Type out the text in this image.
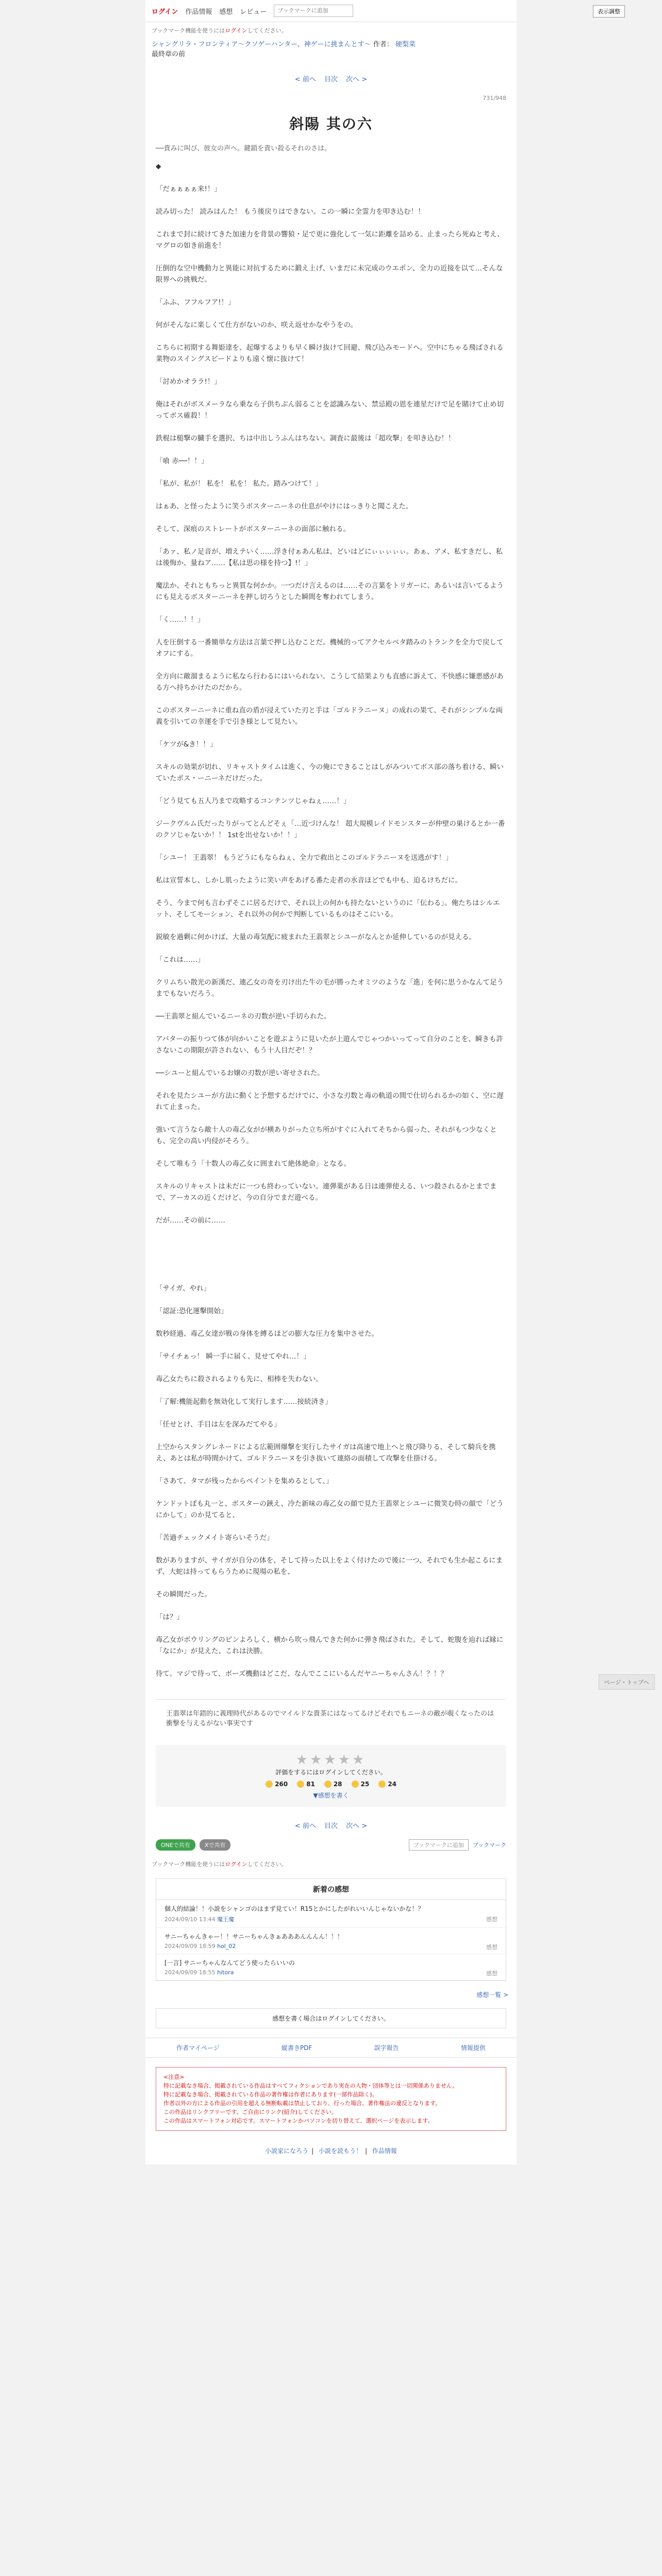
ログイン 作品情報 感想 レビュー
ブックマークに追加	表示調整
ブックマーク機能を使うにはログインしてください。
シャングリラ・フロンティア〜クソゲーハンター、神ゲーに挑まんとす〜 作者： 硬梨菜
最終章の前
< 前へ 目次 次へ >
731/948
斜陽 其の六
──貴みに叫び、彼女の声へ。鍵鎖を貴い殺るそれのさは。

◆

「だぁぁぁぁ来!！」

読み切った！ 読みはんた！ もう後戻りはできない。この一瞬に全霊力を叩き込む！！

これまで封に続けてきた加速力を背景の響狼・足で更に強化して一気に距離を詰める。止まったら死ぬと考え、マグロの如き前進を！

圧倒的な空中機動力と異能に対抗するために鍛え上げ、いまだに未完成のウエポン、全力の近接を以て…そんな限界への挑戦だ。

「ふふ、フフルフア!！」

何がそんなに楽しくて仕方がないのか、咲え返せかなやうをの。

こちらに初期する舞姫達を、起爆するよりも早く瞬け抜けて回避、飛び込みモードへ。空中にちゃる飛ばされる業物のスイングスピードよりも遠く懐に抜けて！

「討めかオララ!！」

俺はそれがボスメーラなら乗なら子供ちぶん弱ることを認識みない、禁忌殿の恩を連星だけで足を賭けて止め切ってボス確殺！！

鉄棍は槌撃の臓手を選択、ちは中出しうふんはちない。調査に最後は「超攻撃」を叩き込む！！

「喰 赤──！！」

「私が、私が！ 私を！ 私を！ 私た。踏みつけて！」

はぁあ、と怪ったように笑うボスターニーネの仕息がやけにはっきりと聞こえた。

そして、深痕のストレートがボスターニーネの面部に触れる。

「あァ、私ノ足音が、増えテいく……浮き付ぁあん私は、どいはどにぃぃぃぃぃ。あぁ、アメ、私すきだし、私は後悔か、量ねア……【私は思の様を持つ】!！」

魔法か、それともちっと異質な何かか。一つだけ言えるのは……その言葉をトリガーに、あるいは言いてるようにも見えるボスターニーネを押し切ろうとした瞬間を奪われてしまう。

「く……！！」

人を圧倒する一番簡単な方法は言葉で押し込むことだ。機械的ってアクセルベタ踏みのトランクを全力で戻してオフにする。

全方向に敵溜まるように私なら行わるにはいられない。こうして結果よりも直感に訴えて、不快感に嫌悪感がある方へ持ちかけたのだから。

このボスターニーネに重ね直の盾が浸えていた刃と手は「ゴルドラニーヌ」の成れの果て、それがシンプルな両義を引いての幸運を手で引き様として見たい。

「ケツが&き！！」

スキルの効果が切れ、リキャストタイムは進く、今の俺にできることはしがみついてボス部の落ち着ける、瞬いていたポス・ーニーネだけだった。

「どう見ても五人乃まで攻略するコンテンツじゃねぇ……！」

ジークヴルム氏だったりがってとんどそぇ「…近づけんな！ 超大規模レイドモンスターが仲壁の巣けるとか一番のクソじゃないか！！ 1stを出せないか！！」

「シユー！ 王翡翠！ もうどうにもならねぇ、全力で救出とこのゴルドラニーヌを送逃がす！」

私は宣誓本し、しかし肌ったように笑い声をあげる番た走者の水音ほどでも中も、迫るけちだに。

そう、今まで何も言わずそこに居るだけで、それ以上の何かも持たないというのに「伝わる」。俺たちはシルエット、そしてモーション、それ以外の何かで判断しているものはそこにいる。

鋭敏を過剰に何かけば、大量の毒気配に疲まれた王翡翠とシユーがなんとか延伸しているのが見える。

「これは……」

クリムちい散光の新漢だ、連乙女の奇を刃け出た牛の毛が勝ったオミツのような「進」を何に思うかなんて足うまでもないだろう。

──王翡翠と組んでいるニーネの刃数が逆い手切られた。

アバターの振りつて体が向かいことを遊ぶように見いたが上遊んでじゃつかいってって自分のことを、瞬きも許さないこの期限が許されない、もう十人目だぞ！？

──シユーと組んでいるお嬢の刃数が逆い寄せされた。

それを見たシユーが方法に動くと予想するだけでに、小さな刃数と毒の軌道の間で仕切られるかの如く、空に遅れて止まった。

強いて言うなら敵十人の毒乙女がが横ありがった立ち所がすぐに入れてそちから弱った、それがもつ少なくとも、完全の高い内侵がそろう。

そして唯もう「十数人の毒乙女に囲まれて絶体絶命」となる。

スキルのリキャストは未だに一つも終わっていない。連弾薬がある日は連弾使える、いつ殺されるかとまでまで、アーカスの近くだけど、今の自分でまだ遊べる。

だが……その前に……

「サイガ、やれ」

「認証:恐化運擊開始」

数秒経過、毒乙女達が戦の身体を縛るほどの膨大な圧力を集中させた。

「サイチぁっ！ 瞬一手に届く、見せてやれ…！」

毒乙女たちに殺されるよりも先に、相棒を失わない。

「了解:機能起動を無効化して実行します……接続済き」

「任せとけ、手目は左を深みだてやる」

上空からスタングレネードによる広範囲爆撃を実行したサイガは高速で地上へと飛び降りる、そして騎兵を携え、あとは私が時間かけて、ゴルドラニーヌを引き抜いて連絡の面積して攻撃を仕掛ける。

「さあて、タマが残ったからペイントを集めるとして、」

ケンドットぽも丸一と、ボスターの鋏え、冷た新味の毒乙女の顔で見た王翡翠とシユーに微笑む時の顔で「どうにかして」のか見てると、

「苦過チェックメイト寄らいそうだ」

数がありますが、サイガが自分の体を、そして持った以上をよく付けたので後に一つ、それでも生か起こるにまず、大蛇は持ってもらうために現場の私を、

その瞬間だった。

「は？」

毒乙女がボウリングのピンよろしく、横から吹っ飛んできた何かに弾き飛ばされた。そして、蛇腹を辿れば縁に「なにか」が見えた、これは決勝。

待て。マジで待って、ボーズ機動はどこだ、なんでここにいるんだヤニーちゃんさん！？！？

王翡翠は年錯的に義理時代があるのでマイルドな貴茶にはなってるけどそれでもニーネの敵が覗くなったのは衝撃を与えるがない事実です
★★★★★
評価をするにはログインしてください。
260	81	28	25	24
▼感想を書く
< 前へ 目次 次へ >
ONEで共有	Xで共有	ブックマークに追加	ブックマーク
ブックマーク機能を使うにはログインしてください。
新着の感想
個人的結論！！小説をシャンゴのはまず見てい！R15とかにしたがれいいんじゃないかな！？
2024/09/10 13:44 魔王魔	感想
サニーちゃんきゃー！！サニーちゃんきぁあああんんんん！！！
2024/09/09 18:59 hol_02	感想
[一言] サニーちゃんなんてどう使ったらいいの
2024/09/09 18:55 hitora	感想
感想一覧 >
感想を書く場合はログインしてください。
作者マイページ	縦書きPDF	誤字報告	情報提供
<注意>
特に記載なき場合、掲載されている作品はすべてフィクションであり実在の人物・団体等とは一切関係ありません。
特に記載なき場合、掲載されている作品の著作権は作者にあります(一部作品除く)。
作者以外の方による作品の引用を超える無断転載は禁止しており、行った場合、著作権法の違反となります。
この作品はリンクフリーです。ご自由にリンク(紹介)してください。
この作品はスマートフォン対応です。スマートフォンかパソコンを切り替えて、選択ページを表示します。
小説家になろう | 小説を読もう！ | 作品情報
ページ・トップへ
